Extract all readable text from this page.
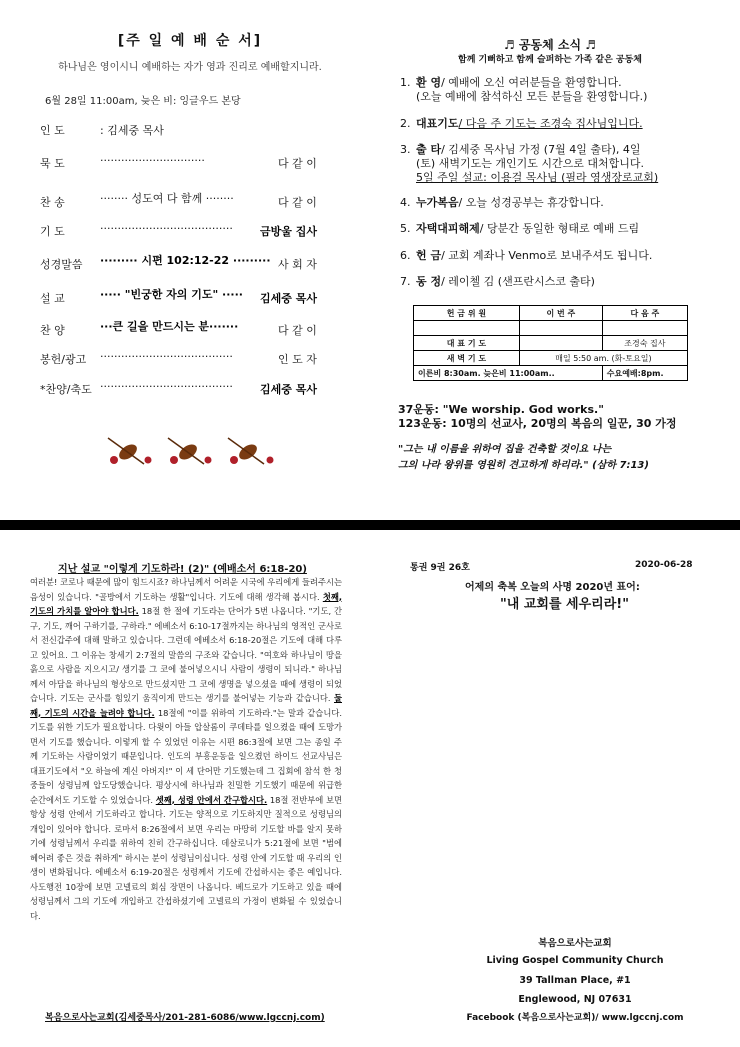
[주 일 예 배 순 서]
하나님은 영이시니 예배하는 자가 영과 진리로 예배할지니라.
6월 28일 11:00am, 늦은 비: 잉글우드 본당
인 도	: 김세중 목사
묵 도	······························	다 같 이
찬 송	········ 성도여 다 함께 ········	다 같 이
기 도	······································ 금방울 집사
성경말씀 ········· 시편 102:12-22 ········· 사 회 자
설 교	····· "빈궁한 자의 기도" ····· 김세중 목사
찬 양	···큰 길을 만드시는 분·······	다 같 이
봉헌/광고 ······································	인 도 자
*찬양/축도 ······································ 김세중 목사
♬ 공동체 소식 ♬
함께 기뻐하고 함께 슬퍼하는 가족 같은 공동체
1. 환 영/ 예배에 오신 여러분들을 환영합니다.
(오늘 예배에 참석하신 모든 분들을 환영합니다.)
2. 대표기도/ 다음 주 기도는 조경숙 집사님입니다.
3. 출 타/ 김세중 목사님 가정 (7월 4일 출타), 4일
(토) 새벽기도는 개인기도 시간으로 대처합니다.
5일 주일 설교: 이용걸 목사님 (필라 영생장로교회)
4. 누가복음/ 오늘 성경공부는 휴강합니다.
5. 자택대피해제/ 당분간 동일한 형태로 예배 드림
6. 헌 금/ 교회 계좌나 Venmo로 보내주셔도 됩니다.
7. 동 정/ 레이첼 김 (샌프란시스코 출타)
헌 금 위 원	이 번 주	다 음 주

대 표 기 도		조경숙 집사
새 벽 기 도	매일 5:50 am. (화-토요일)	
이른비 8:30am. 늦은비 11:00am..		수요예배:8pm.
37운동: "We worship. God works."
123운동: 10명의 선교사, 20명의 복음의 일꾼, 30 가정
"그는 내 이름을 위하여 집을 건축할 것이요 나는
그의 나라 왕위를 영원히 견고하게 하리라." (삼하 7:13)
지난 설교 "이렇게 기도하라! (2)" (예배소서 6:18-20)
여러분! 코로나 때문에 많이 힘드시죠? 하나님께서 어려운 시국에 우리에게 들려주시는 음성이 있습니다. "골방에서 기도하는 생활"입니다. 기도에 대해 생각해 봅시다. 첫째, 기도의 가치를 알아야 합니다. 18절 한 절에 기도라는 단어가 5번 나옵니다. "기도, 간구, 기도, 깨어 구하기를, 구하라." 에베소서 6:10-17절까지는 하나님의 영적인 군사로서 전신갑주에 대해 말하고 있습니다. 그런데 에베소서 6:18-20절은 기도에 대해 다루고 있어요. 그 이유는 창세기 2:7절의 말씀의 구조와 같습니다. "여호와 하나님이 땅을 흙으로 사람을 지으시고/ 생기를 그 코에 불어넣으시니 사람이 생령이 되니라." 하나님께서 아담을 하나님의 형상으로 만드셨지만 그 코에 생명을 넣으셨을 때에 생령이 되었습니다. 기도는 군사를 힘있기 움직이게 만드는 생기를 불어넣는 기능과 같습니다. 둘째, 기도의 시간을 늘려야 합니다. 18절에 "이를 위하여 기도하라."는 말과 같습니다. 기도를 위한 기도가 필요합니다. 다윗이 아들 압살롬이 쿠데타를 일으켰을 때에 도망가면서 기도를 했습니다. 이렇게 할 수 있었던 이유는 시편 86:3절에 보면 그는 종일 주께 기도하는 사람이었기 때문입니다. 인도의 부흥운동을 일으켰던 하이드 선교사님은 대표기도에서 "오 하늘에 계신 아버지!" 이 세 단어만 기도했는데 그 집회에 참석 한 청중들이 성령님께 압도당했습니다. 평상시에 하나님과 친밀한 기도했기 때문에 위급한 순간에서도 기도할 수 있었습니다. 셋째, 성령 안에서 간구합시다. 18절 전반부에 보면 항상 성령 안에서 기도하라고 합니다. 기도는 양적으로 기도하지만 질적으로 성령님의 개입이 있어야 합니다. 로마서 8:26절에서 보면 우리는 마땅히 기도할 바를 알지 못하기에 성령님께서 우리를 위하여 친히 간구하십니다. 데살로니가 5:21절에 보면 "범에 헤어려 좋은 것을 취하게" 하시는 분이 성령님이십니다. 성령 안에 기도할 때 우리의 인생이 변화됩니다. 에베소서 6:19-20절은 성령께서 기도에 간섭하시는 좋은 예입니다. 사도행전 10장에 보면 고넬료의 회심 장면이 나옵니다. 베드로가 기도하고 있을 때에 성령님께서 그의 기도에 개입하고 간섭하셨기에 고넬료의 가정이 변화될 수 있었습니다.
복음으로사는교회(김세중목사/201-281-6086/www.lgccnj.com)
통권 9권 26호	2020-06-28
어제의 축복 오늘의 사명 2020년 표어:
"내 교회를 세우리라!"
복음으로사는교회
Living Gospel Community Church
39 Tallman Place, #1
Englewood, NJ 07631
Facebook (복음으로사는교회)/ www.lgccnj.com
